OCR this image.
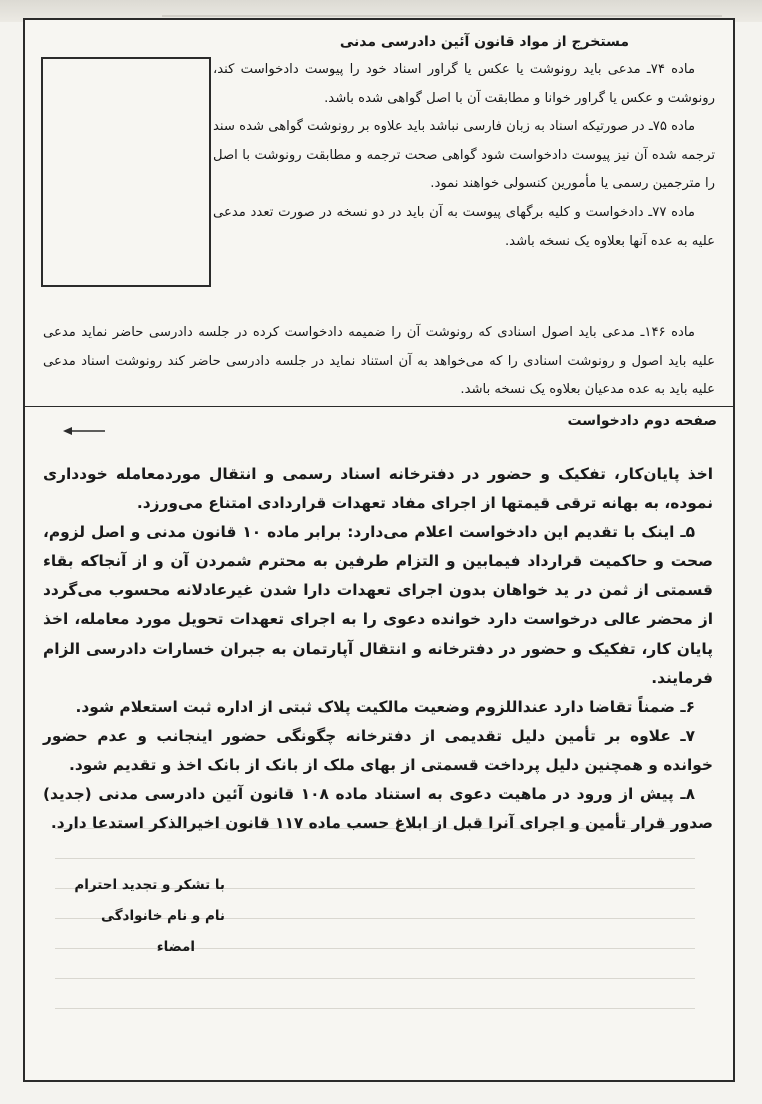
مستخرج از مواد قانون آئین دادرسی مدنی

ماده ۷۴ـ مدعی باید رونوشت یا عکس یا گراور اسناد خود را پیوست دادخواست کند، رونوشت و عکس یا گراور خوانا و مطابقت آن با اصل گواهی شده باشد.

ماده ۷۵ـ در صورتیکه اسناد به زبان فارسی نباشد باید علاوه بر رونوشت گواهی شده سند ترجمه شده آن نیز پیوست دادخواست شود گواهی صحت ترجمه و مطابقت رونوشت با اصل را مترجمین رسمی یا مأمورین کنسولی خواهند نمود.

ماده ۷۷ـ دادخواست و کلیه برگهای پیوست به آن باید در دو نسخه در صورت تعدد مدعی علیه به عده آنها بعلاوه یک نسخه باشد.

ماده ۱۴۶ـ مدعی باید اصول اسنادی که رونوشت آن را ضمیمه دادخواست کرده در جلسه دادرسی حاضر نماید مدعی علیه باید اصول و رونوشت اسنادی را که می‌خواهد به آن استناد نماید در جلسه دادرسی حاضر کند رونوشت اسناد مدعی علیه باید به عده مدعیان بعلاوه یک نسخه باشد.

صفحه دوم دادخواست

اخذ پایان‌کار، تفکیک و حضور در دفترخانه اسناد رسمی و انتقال موردمعامله خودداری نموده، به بهانه ترقی قیمتها از اجرای مفاد تعهدات قراردادی امتناع می‌ورزد.

۵ـ اینک با تقدیم این دادخواست اعلام می‌دارد: برابر ماده ۱۰ قانون مدنی و اصل لزوم، صحت و حاکمیت قرارداد فیمابین و التزام طرفین به محترم شمردن آن و از آنجاکه بقاء قسمتی از ثمن در ید خواهان بدون اجرای تعهدات دارا شدن غیرعادلانه محسوب می‌گردد از محضر عالی درخواست دارد خوانده دعوی را به اجرای تعهدات تحویل مورد معامله، اخذ پایان کار، تفکیک و حضور در دفترخانه و انتقال آپارتمان به جبران خسارات دادرسی الزام فرمایند.

۶ـ ضمناً تقاضا دارد عنداللزوم وضعیت مالکیت پلاک ثبتی از اداره ثبت استعلام شود.

۷ـ علاوه بر تأمین دلیل تقدیمی از دفترخانه چگونگی حضور اینجانب و عدم حضور خوانده و همچنین دلیل پرداخت قسمتی از بهای ملک از بانک از بانک اخذ و تقدیم شود.

۸ـ پیش از ورود در ماهیت دعوی به استناد ماده ۱۰۸ قانون آئین دادرسی مدنی (جدید) صدور قرار تأمین و اجرای آنرا قبل از ابلاغ حسب ماده ۱۱۷ قانون اخیرالذکر استدعا دارد.

با تشکر و تجدید احترام
نام و نام خانوادگی
امضاء
